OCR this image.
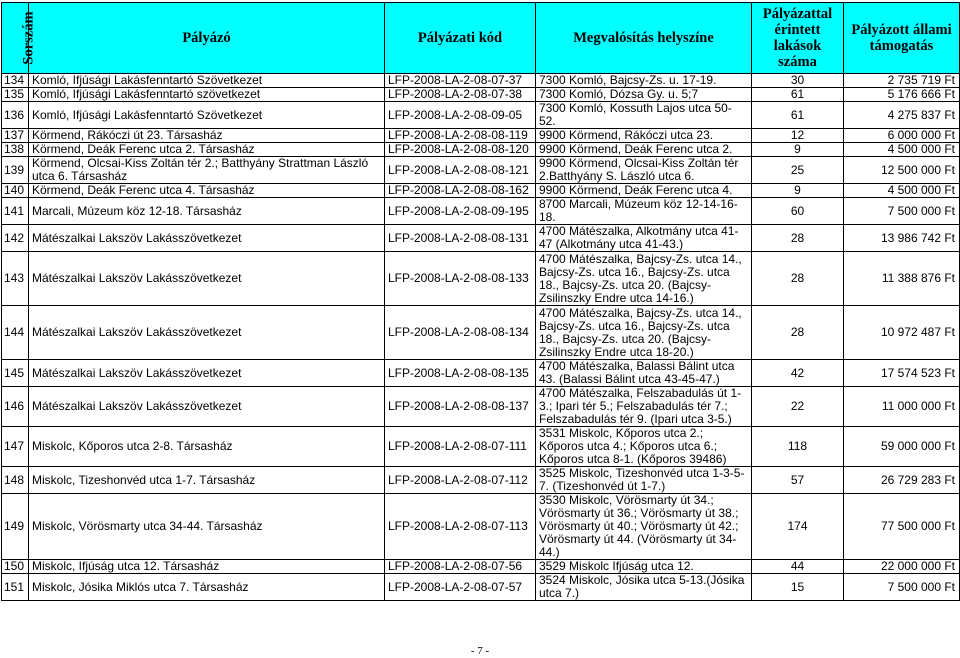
Sorszám	Pályázó	Pályázati kód	Megvalósítás helyszíne	Pályázattal érintett lakások száma	Pályázott állami támogatás
134	Komló, Ifjúsági Lakásfenntartó Szövetkezet	LFP-2008-LA-2-08-07-37	7300 Komló, Bajcsy-Zs. u. 17-19.	30	2 735 719 Ft
135	Komló, Ifjúsági Lakásfenntartó szövetkezet	LFP-2008-LA-2-08-07-38	7300 Komló, Dózsa Gy. u. 5;7	61	5 176 666 Ft
136	Komló, Ifjúsági Lakásfenntartó Szövetkezet	LFP-2008-LA-2-08-09-05	7300 Komló, Kossuth Lajos utca 50-52.	61	4 275 837 Ft
137	Körmend, Rákóczi út 23. Társasház	LFP-2008-LA-2-08-08-119	9900 Körmend, Rákóczi utca 23.	12	6 000 000 Ft
138	Körmend, Deák Ferenc utca 2. Társasház	LFP-2008-LA-2-08-08-120	9900 Körmend, Deák Ferenc utca 2.	9	4 500 000 Ft
139	Körmend, Olcsai-Kiss Zoltán tér 2.; Batthyány Strattman László utca 6. Társasház	LFP-2008-LA-2-08-08-121	9900 Körmend, Olcsai-Kiss Zoltán tér 2.Batthyány S. László utca 6.	25	12 500 000 Ft
140	Körmend, Deák Ferenc utca 4. Társasház	LFP-2008-LA-2-08-08-162	9900 Körmend, Deák Ferenc utca 4.	9	4 500 000 Ft
141	Marcali, Múzeum köz 12-18. Társasház	LFP-2008-LA-2-08-09-195	8700 Marcali, Múzeum köz 12-14-16-18.	60	7 500 000 Ft
142	Mátészalkai Lakszöv Lakásszövetkezet	LFP-2008-LA-2-08-08-131	4700 Mátészalka, Alkotmány utca 41-47 (Alkotmány utca 41-43.)	28	13 986 742 Ft
143	Mátészalkai Lakszöv Lakásszövetkezet	LFP-2008-LA-2-08-08-133	4700 Mátészalka, Bajcsy-Zs. utca 14., Bajcsy-Zs. utca 16., Bajcsy-Zs. utca 18., Bajcsy-Zs. utca 20. (Bajcsy-Zsilinszky Endre utca 14-16.)	28	11 388 876 Ft
144	Mátészalkai Lakszöv Lakásszövetkezet	LFP-2008-LA-2-08-08-134	4700 Mátészalka, Bajcsy-Zs. utca 14., Bajcsy-Zs. utca 16., Bajcsy-Zs. utca 18., Bajcsy-Zs. utca 20. (Bajcsy-Zsilinszky Endre utca 18-20.)	28	10 972 487 Ft
145	Mátészalkai Lakszöv Lakásszövetkezet	LFP-2008-LA-2-08-08-135	4700 Mátészalka, Balassi Bálint utca 43. (Balassi Bálint utca 43-45-47.)	42	17 574 523 Ft
146	Mátészalkai Lakszöv Lakásszövetkezet	LFP-2008-LA-2-08-08-137	4700 Mátészalka, Felszabadulás út 1-3.; Ipari tér 5.; Felszabadulás tér 7.; Felszabadulás tér 9. (Ipari utca 3-5.)	22	11 000 000 Ft
147	Miskolc, Kőporos utca 2-8. Társasház	LFP-2008-LA-2-08-07-111	3531 Miskolc, Kőporos utca 2.; Kőporos utca 4.; Kőporos utca 6.; Kőporos utca 8-1. (Kőporos 39486)	118	59 000 000 Ft
148	Miskolc, Tizeshonvéd utca 1-7. Társasház	LFP-2008-LA-2-08-07-112	3525 Miskolc, Tizeshonvéd utca 1-3-5-7. (Tizeshonvéd út 1-7.)	57	26 729 283 Ft
149	Miskolc, Vörösmarty utca 34-44. Társasház	LFP-2008-LA-2-08-07-113	3530 Miskolc, Vörösmarty út 34.; Vörösmarty út 36.; Vörösmarty út 38.; Vörösmarty út 40.; Vörösmarty út 42.; Vörösmarty út 44. (Vörösmarty út 34-44.)	174	77 500 000 Ft
150	Miskolc, Ifjúság utca 12. Társasház	LFP-2008-LA-2-08-07-56	3529 Miskolc Ifjúság utca 12.	44	22 000 000 Ft
151	Miskolc, Jósika Miklós utca 7. Társasház	LFP-2008-LA-2-08-07-57	3524 Miskolc, Jósika utca 5-13.(Jósika utca 7.)	15	7 500 000 Ft
- 7 -
